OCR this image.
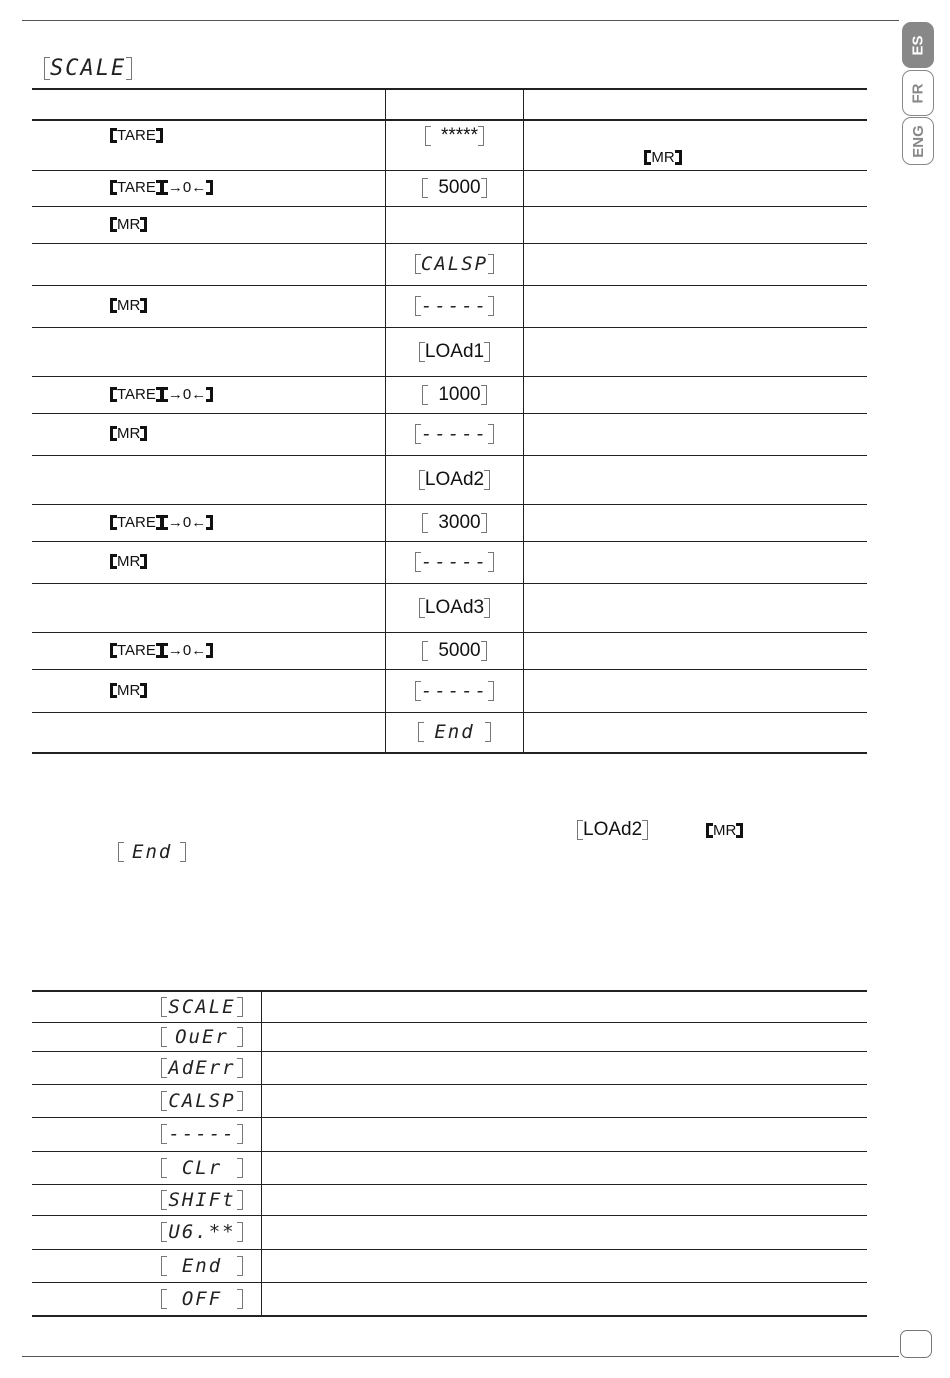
SCALE

TARE	*****	MR
TARE →0←	5000	
MR		
	CALSP	
MR	-----	
	LOAd1	
TARE →0←	1000	
MR	-----	
	LOAd2	
TARE →0←	3000	
MR	-----	
	LOAd3	
TARE →0←	5000	
MR	-----	
	End	
LOAd2	MR
End
SCALE	
OuEr	
AdErr	
CALSP	
-----	
CLr	
SHIFt	
U6.**	
End	
OFF	
ES
FR
ENG
